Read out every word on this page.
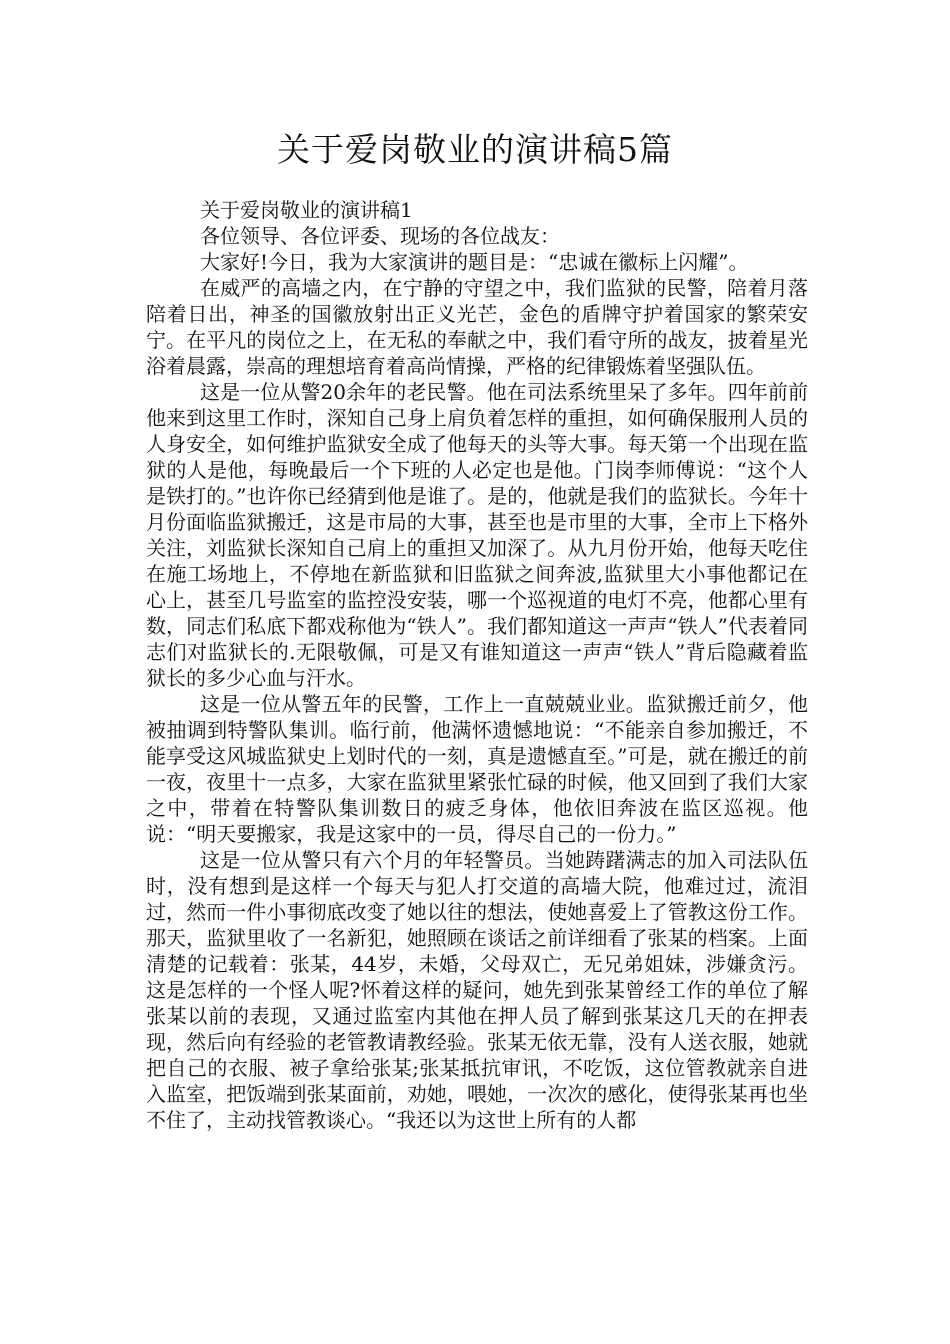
关于爱岗敬业的演讲稿5篇

关于爱岗敬业的演讲稿1

各位领导、各位评委、现场的各位战友：

大家好!今日，我为大家演讲的题目是：“忠诚在徽标上闪耀”。

在威严的高墙之内，在宁静的守望之中，我们监狱的民警，陪着月落陪着日出，神圣的国徽放射出正义光芒，金色的盾牌守护着国家的繁荣安宁。在平凡的岗位之上，在无私的奉献之中，我们看守所的战友，披着星光浴着晨露，崇高的理想培育着高尚情操，严格的纪律锻炼着坚强队伍。

这是一位从警20余年的老民警。他在司法系统里呆了多年。四年前前他来到这里工作时，深知自己身上肩负着怎样的重担，如何确保服刑人员的人身安全，如何维护监狱安全成了他每天的头等大事。每天第一个出现在监狱的人是他，每晚最后一个下班的人必定也是他。门岗李师傅说：“这个人是铁打的。”也许你已经猜到他是谁了。是的，他就是我们的监狱长。今年十月份面临监狱搬迁，这是市局的大事，甚至也是市里的大事，全市上下格外关注，刘监狱长深知自己肩上的重担又加深了。从九月份开始，他每天吃住在施工场地上，不停地在新监狱和旧监狱之间奔波,监狱里大小事他都记在心上，甚至几号监室的监控没安装，哪一个巡视道的电灯不亮，他都心里有数，同志们私底下都戏称他为“铁人”。我们都知道这一声声“铁人”代表着同志们对监狱长的.无限敬佩，可是又有谁知道这一声声“铁人”背后隐藏着监狱长的多少心血与汗水。

这是一位从警五年的民警，工作上一直兢兢业业。监狱搬迁前夕，他被抽调到特警队集训。临行前，他满怀遗憾地说：“不能亲自参加搬迁，不能享受这风城监狱史上划时代的一刻，真是遗憾直至。”可是，就在搬迁的前一夜，夜里十一点多，大家在监狱里紧张忙碌的时候，他又回到了我们大家之中，带着在特警队集训数日的疲乏身体，他依旧奔波在监区巡视。他说：“明天要搬家，我是这家中的一员，得尽自己的一份力。”

这是一位从警只有六个月的年轻警员。当她踌躇满志的加入司法队伍时，没有想到是这样一个每天与犯人打交道的高墙大院，他难过过，流泪过，然而一件小事彻底改变了她以往的想法，使她喜爱上了管教这份工作。那天，监狱里收了一名新犯，她照顾在谈话之前详细看了张某的档案。上面清楚的记载着：张某，44岁，未婚，父母双亡，无兄弟姐妹，涉嫌贪污。这是怎样的一个怪人呢?怀着这样的疑问，她先到张某曾经工作的单位了解张某以前的表现，又通过监室内其他在押人员了解到张某这几天的在押表现，然后向有经验的老管教请教经验。张某无依无靠，没有人送衣服，她就把自己的衣服、被子拿给张某;张某抵抗审讯，不吃饭，这位管教就亲自进入监室，把饭端到张某面前，劝她，喂她，一次次的感化，使得张某再也坐不住了，主动找管教谈心。“我还以为这世上所有的人都
